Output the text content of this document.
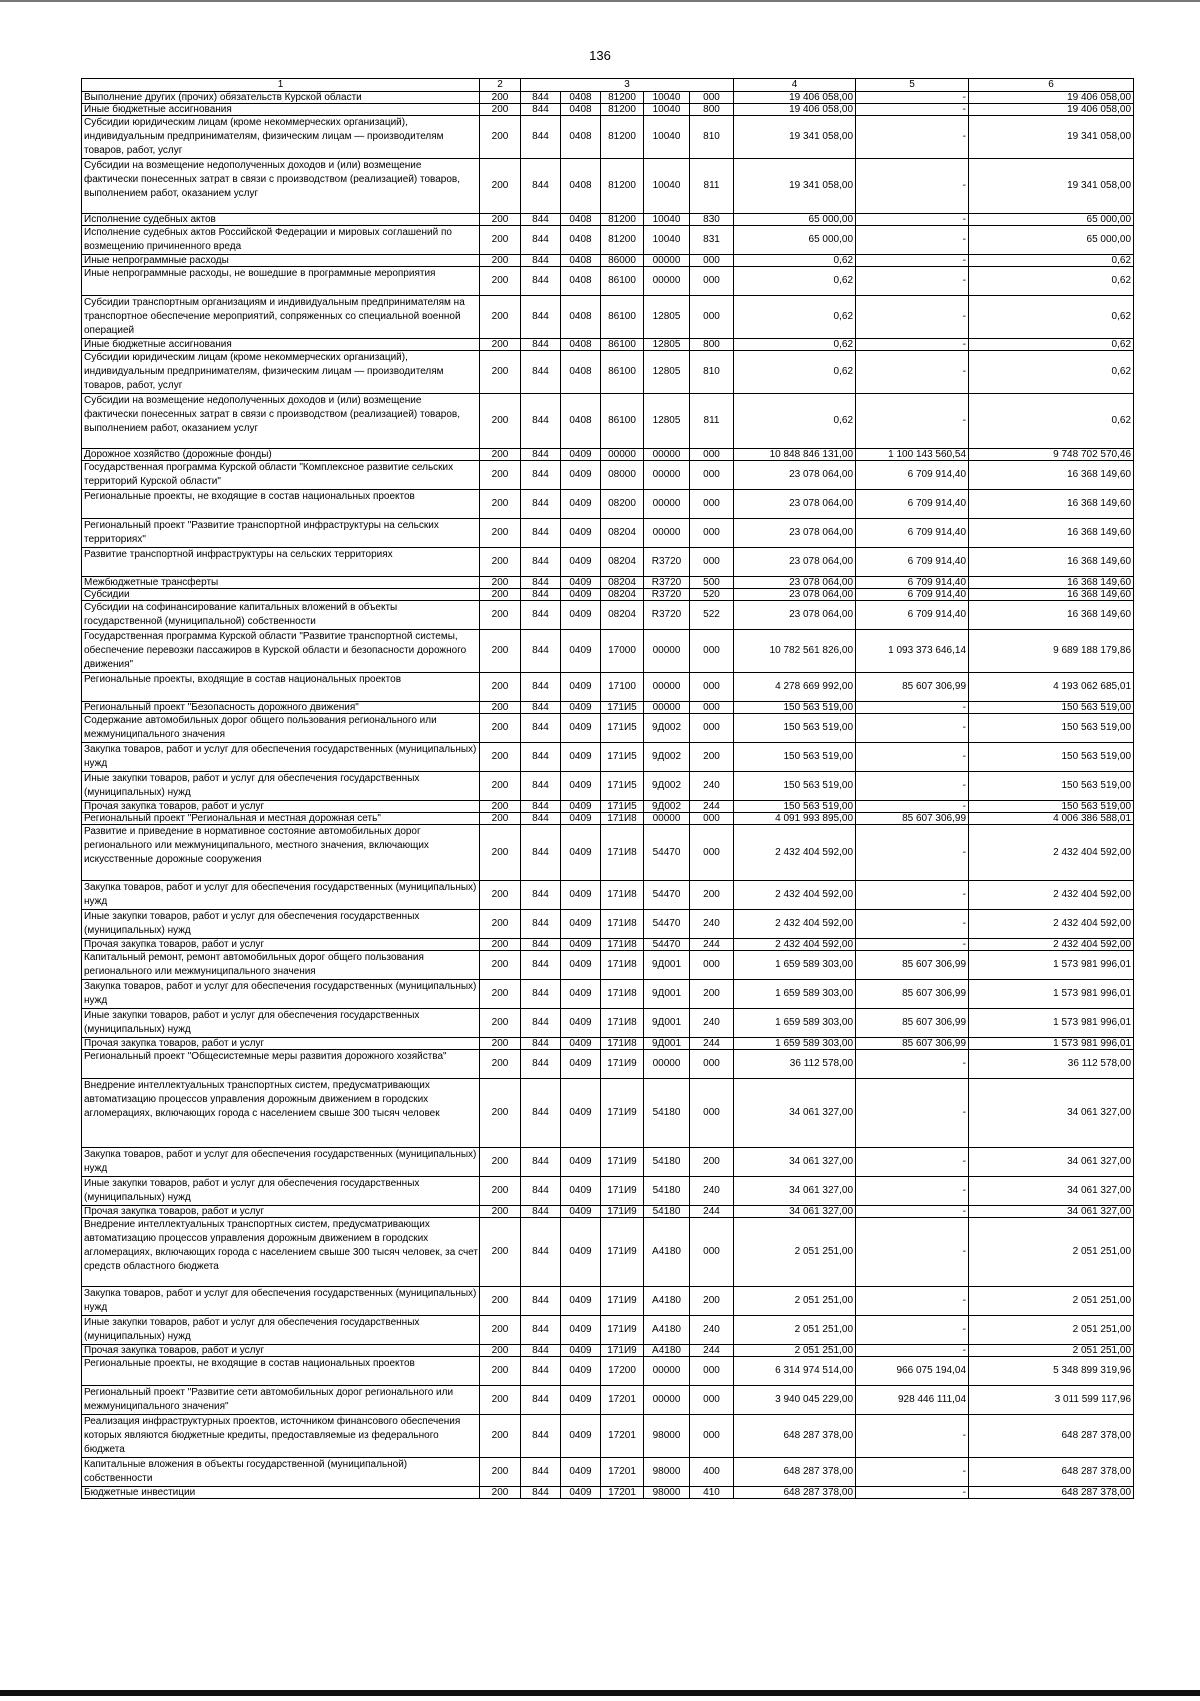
136
1	2	3					4	5	6
Выполнение других (прочих) обязательств Курской области	200	844	0408	81200	10040	000	19 406 058,00	-	19 406 058,00
Иные бюджетные ассигнования	200	844	0408	81200	10040	800	19 406 058,00	-	19 406 058,00
Субсидии юридическим лицам (кроме некоммерческих организаций), индивидуальным предпринимателям, физическим лицам — производителям товаров, работ, услуг	200	844	0408	81200	10040	810	19 341 058,00	-	19 341 058,00
Субсидии на возмещение недополученных доходов и (или) возмещение фактически понесенных затрат в связи с производством (реализацией) товаров, выполнением работ, оказанием услуг	200	844	0408	81200	10040	811	19 341 058,00	-	19 341 058,00
Исполнение судебных актов	200	844	0408	81200	10040	830	65 000,00	-	65 000,00
Исполнение судебных актов Российской Федерации и мировых соглашений по возмещению причиненного вреда	200	844	0408	81200	10040	831	65 000,00	-	65 000,00
Иные непрограммные расходы	200	844	0408	86000	00000	000	0,62	-	0,62
Иные непрограммные расходы, не вошедшие в программные мероприятия	200	844	0408	86100	00000	000	0,62	-	0,62
Субсидии транспортным организациям и индивидуальным предпринимателям на транспортное обеспечение мероприятий, сопряженных со специальной военной операцией	200	844	0408	86100	12805	000	0,62	-	0,62
Иные бюджетные ассигнования	200	844	0408	86100	12805	800	0,62	-	0,62
Субсидии юридическим лицам (кроме некоммерческих организаций), индивидуальным предпринимателям, физическим лицам — производителям товаров, работ, услуг	200	844	0408	86100	12805	810	0,62	-	0,62
Субсидии на возмещение недополученных доходов и (или) возмещение фактически понесенных затрат в связи с производством (реализацией) товаров, выполнением работ, оказанием услуг	200	844	0408	86100	12805	811	0,62	-	0,62
Дорожное хозяйство (дорожные фонды)	200	844	0409	00000	00000	000	10 848 846 131,00	1 100 143 560,54	9 748 702 570,46
Государственная программа Курской области "Комплексное развитие сельских территорий Курской области"	200	844	0409	08000	00000	000	23 078 064,00	6 709 914,40	16 368 149,60
Региональные проекты, не входящие в состав национальных проектов	200	844	0409	08200	00000	000	23 078 064,00	6 709 914,40	16 368 149,60
Региональный проект "Развитие транспортной инфраструктуры на сельских территориях"	200	844	0409	08204	00000	000	23 078 064,00	6 709 914,40	16 368 149,60
Развитие транспортной инфраструктуры на сельских территориях	200	844	0409	08204	R3720	000	23 078 064,00	6 709 914,40	16 368 149,60
Межбюджетные трансферты	200	844	0409	08204	R3720	500	23 078 064,00	6 709 914,40	16 368 149,60
Субсидии	200	844	0409	08204	R3720	520	23 078 064,00	6 709 914,40	16 368 149,60
Субсидии на софинансирование капитальных вложений в объекты государственной (муниципальной) собственности	200	844	0409	08204	R3720	522	23 078 064,00	6 709 914,40	16 368 149,60
Государственная программа Курской области "Развитие транспортной системы, обеспечение перевозки пассажиров в Курской области и безопасности дорожного движения"	200	844	0409	17000	00000	000	10 782 561 826,00	1 093 373 646,14	9 689 188 179,86
Региональные проекты, входящие в состав национальных проектов	200	844	0409	17100	00000	000	4 278 669 992,00	85 607 306,99	4 193 062 685,01
Региональный проект "Безопасность дорожного движения"	200	844	0409	171И5	00000	000	150 563 519,00	-	150 563 519,00
Содержание автомобильных дорог общего пользования регионального или межмуниципального значения	200	844	0409	171И5	9Д002	000	150 563 519,00	-	150 563 519,00
Закупка товаров, работ и услуг для обеспечения государственных (муниципальных) нужд	200	844	0409	171И5	9Д002	200	150 563 519,00	-	150 563 519,00
Иные закупки товаров, работ и услуг для обеспечения государственных (муниципальных) нужд	200	844	0409	171И5	9Д002	240	150 563 519,00	-	150 563 519,00
Прочая закупка товаров, работ и услуг	200	844	0409	171И5	9Д002	244	150 563 519,00	-	150 563 519,00
Региональный проект "Региональная и местная дорожная сеть"	200	844	0409	171И8	00000	000	4 091 993 895,00	85 607 306,99	4 006 386 588,01
Развитие и приведение в нормативное состояние автомобильных дорог регионального или межмуниципального, местного значения, включающих искусственные дорожные сооружения	200	844	0409	171И8	54470	000	2 432 404 592,00	-	2 432 404 592,00
Закупка товаров, работ и услуг для обеспечения государственных (муниципальных) нужд	200	844	0409	171И8	54470	200	2 432 404 592,00	-	2 432 404 592,00
Иные закупки товаров, работ и услуг для обеспечения государственных (муниципальных) нужд	200	844	0409	171И8	54470	240	2 432 404 592,00	-	2 432 404 592,00
Прочая закупка товаров, работ и услуг	200	844	0409	171И8	54470	244	2 432 404 592,00	-	2 432 404 592,00
Капитальный ремонт, ремонт автомобильных дорог общего пользования регионального или межмуниципального значения	200	844	0409	171И8	9Д001	000	1 659 589 303,00	85 607 306,99	1 573 981 996,01
Закупка товаров, работ и услуг для обеспечения государственных (муниципальных) нужд	200	844	0409	171И8	9Д001	200	1 659 589 303,00	85 607 306,99	1 573 981 996,01
Иные закупки товаров, работ и услуг для обеспечения государственных (муниципальных) нужд	200	844	0409	171И8	9Д001	240	1 659 589 303,00	85 607 306,99	1 573 981 996,01
Прочая закупка товаров, работ и услуг	200	844	0409	171И8	9Д001	244	1 659 589 303,00	85 607 306,99	1 573 981 996,01
Региональный проект "Общесистемные меры развития дорожного хозяйства"	200	844	0409	171И9	00000	000	36 112 578,00	-	36 112 578,00
Внедрение интеллектуальных транспортных систем, предусматривающих автоматизацию процессов управления дорожным движением в городских агломерациях, включающих города с населением свыше 300 тысяч человек	200	844	0409	171И9	54180	000	34 061 327,00	-	34 061 327,00
Закупка товаров, работ и услуг для обеспечения государственных (муниципальных) нужд	200	844	0409	171И9	54180	200	34 061 327,00	-	34 061 327,00
Иные закупки товаров, работ и услуг для обеспечения государственных (муниципальных) нужд	200	844	0409	171И9	54180	240	34 061 327,00	-	34 061 327,00
Прочая закупка товаров, работ и услуг	200	844	0409	171И9	54180	244	34 061 327,00	-	34 061 327,00
Внедрение интеллектуальных транспортных систем, предусматривающих автоматизацию процессов управления дорожным движением в городских агломерациях, включающих города с населением свыше 300 тысяч человек, за счет средств областного бюджета	200	844	0409	171И9	А4180	000	2 051 251,00	-	2 051 251,00
Закупка товаров, работ и услуг для обеспечения государственных (муниципальных) нужд	200	844	0409	171И9	А4180	200	2 051 251,00	-	2 051 251,00
Иные закупки товаров, работ и услуг для обеспечения государственных (муниципальных) нужд	200	844	0409	171И9	А4180	240	2 051 251,00	-	2 051 251,00
Прочая закупка товаров, работ и услуг	200	844	0409	171И9	А4180	244	2 051 251,00	-	2 051 251,00
Региональные проекты, не входящие в состав национальных проектов	200	844	0409	17200	00000	000	6 314 974 514,00	966 075 194,04	5 348 899 319,96
Региональный проект "Развитие сети автомобильных дорог регионального или межмуниципального значения"	200	844	0409	17201	00000	000	3 940 045 229,00	928 446 111,04	3 011 599 117,96
Реализация инфраструктурных проектов, источником финансового обеспечения которых являются бюджетные кредиты, предоставляемые из федерального бюджета	200	844	0409	17201	98000	000	648 287 378,00	-	648 287 378,00
Капитальные вложения в объекты государственной (муниципальной) собственности	200	844	0409	17201	98000	400	648 287 378,00	-	648 287 378,00
Бюджетные инвестиции	200	844	0409	17201	98000	410	648 287 378,00	-	648 287 378,00
